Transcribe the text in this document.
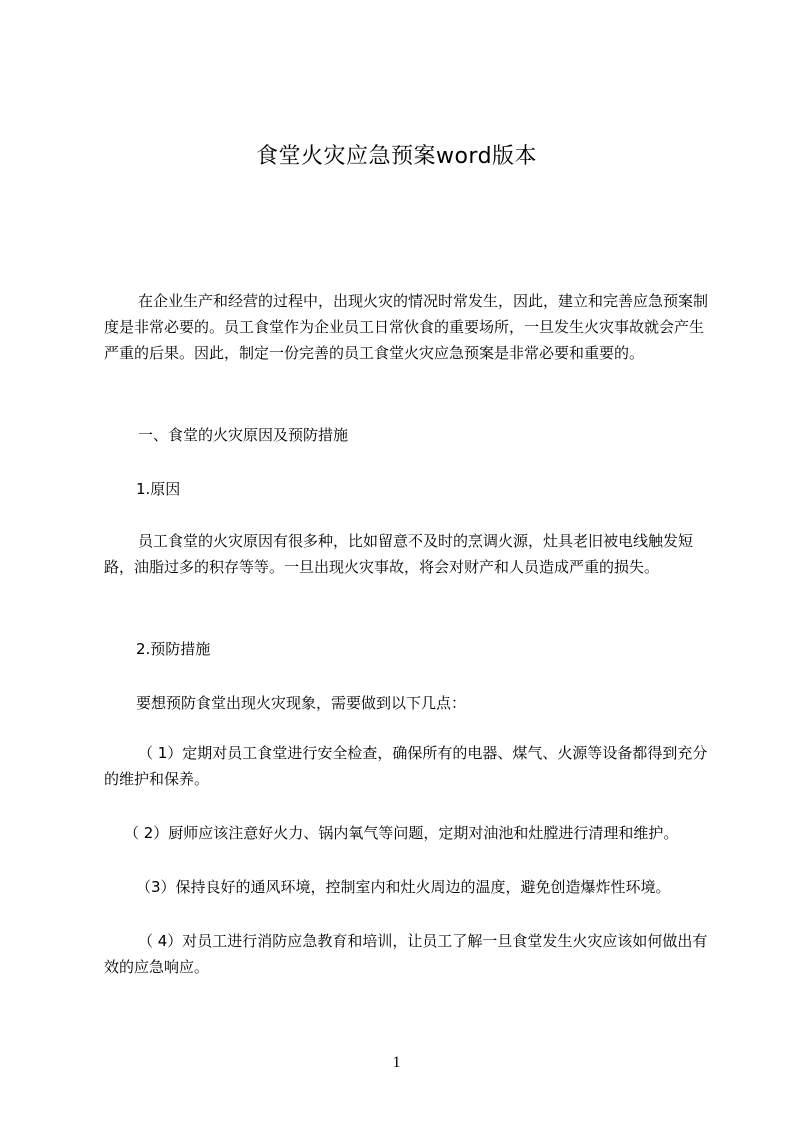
食堂火灾应急预案word版本

在企业生产和经营的过程中，出现火灾的情况时常发生，因此，建立和完善应急预案制度是非常必要的。员工食堂作为企业员工日常伙食的重要场所，一旦发生火灾事故就会产生严重的后果。因此，制定一份完善的员工食堂火灾应急预案是非常必要和重要的。

一、食堂的火灾原因及预防措施

1.原因

员工食堂的火灾原因有很多种，比如留意不及时的烹调火源，灶具老旧被电线触发短路，油脂过多的积存等等。一旦出现火灾事故，将会对财产和人员造成严重的损失。

2.预防措施

要想预防食堂出现火灾现象，需要做到以下几点：

（ 1）定期对员工食堂进行安全检查，确保所有的电器、煤气、火源等设备都得到充分的维护和保养。

（ 2）厨师应该注意好火力、锅内氧气等问题，定期对油池和灶膛进行清理和维护。

（3）保持良好的通风环境，控制室内和灶火周边的温度，避免创造爆炸性环境。

（ 4）对员工进行消防应急教育和培训，让员工了解一旦食堂发生火灾应该如何做出有效的应急响应。

1
